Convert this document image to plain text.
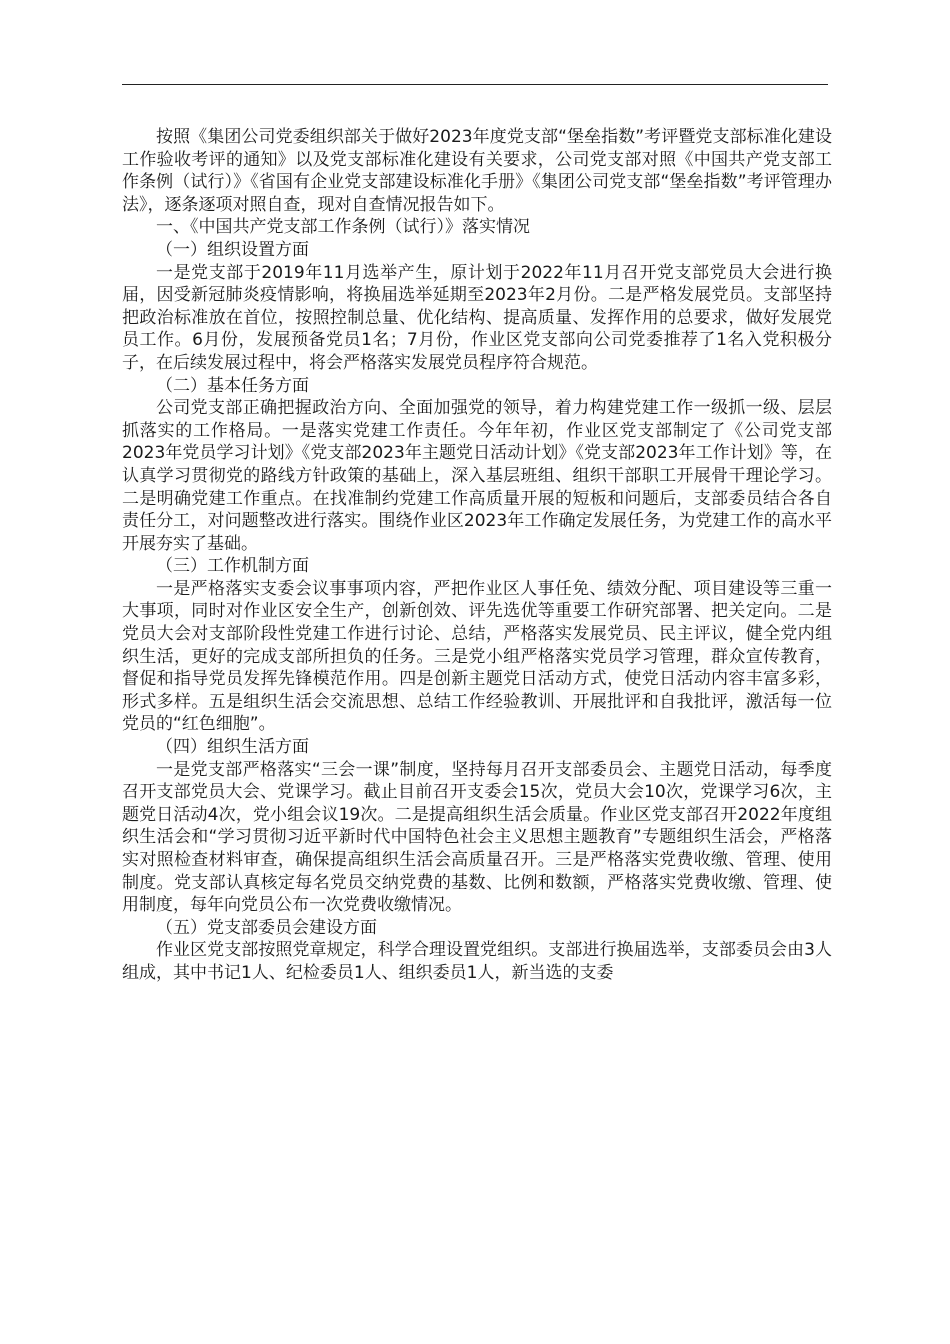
按照《集团公司党委组织部关于做好2023年度党支部“堡垒指数”考评暨党支部标准化建设工作验收考评的通知》以及党支部标准化建设有关要求，公司党支部对照《中国共产党支部工作条例（试行）》《省国有企业党支部建设标准化手册》《集团公司党支部“堡垒指数”考评管理办法》，逐条逐项对照自查，现对自查情况报告如下。

一、《中国共产党支部工作条例（试行）》落实情况

（一）组织设置方面

一是党支部于2019年11月选举产生，原计划于2022年11月召开党支部党员大会进行换届，因受新冠肺炎疫情影响，将换届选举延期至2023年2月份。二是严格发展党员。支部坚持把政治标准放在首位，按照控制总量、优化结构、提高质量、发挥作用的总要求，做好发展党员工作。6月份，发展预备党员1名；7月份，作业区党支部向公司党委推荐了1名入党积极分子，在后续发展过程中，将会严格落实发展党员程序符合规范。

（二）基本任务方面

公司党支部正确把握政治方向、全面加强党的领导，着力构建党建工作一级抓一级、层层抓落实的工作格局。一是落实党建工作责任。今年年初，作业区党支部制定了《公司党支部2023年党员学习计划》《党支部2023年主题党日活动计划》《党支部2023年工作计划》等，在认真学习贯彻党的路线方针政策的基础上，深入基层班组、组织干部职工开展骨干理论学习。二是明确党建工作重点。在找准制约党建工作高质量开展的短板和问题后，支部委员结合各自责任分工，对问题整改进行落实。围绕作业区2023年工作确定发展任务，为党建工作的高水平开展夯实了基础。

（三）工作机制方面

一是严格落实支委会议事事项内容，严把作业区人事任免、绩效分配、项目建设等三重一大事项，同时对作业区安全生产，创新创效、评先选优等重要工作研究部署、把关定向。二是党员大会对支部阶段性党建工作进行讨论、总结，严格落实发展党员、民主评议，健全党内组织生活，更好的完成支部所担负的任务。三是党小组严格落实党员学习管理，群众宣传教育，督促和指导党员发挥先锋模范作用。四是创新主题党日活动方式，使党日活动内容丰富多彩，形式多样。五是组织生活会交流思想、总结工作经验教训、开展批评和自我批评，激活每一位党员的“红色细胞”。

（四）组织生活方面

一是党支部严格落实“三会一课”制度，坚持每月召开支部委员会、主题党日活动，每季度召开支部党员大会、党课学习。截止目前召开支委会15次，党员大会10次，党课学习6次，主题党日活动4次，党小组会议19次。二是提高组织生活会质量。作业区党支部召开2022年度组织生活会和“学习贯彻习近平新时代中国特色社会主义思想主题教育”专题组织生活会，严格落实对照检查材料审查，确保提高组织生活会高质量召开。三是严格落实党费收缴、管理、使用制度。党支部认真核定每名党员交纳党费的基数、比例和数额，严格落实党费收缴、管理、使用制度，每年向党员公布一次党费收缴情况。

（五）党支部委员会建设方面

作业区党支部按照党章规定，科学合理设置党组织。支部进行换届选举，支部委员会由3人组成，其中书记1人、纪检委员1人、组织委员1人，新当选的支委
